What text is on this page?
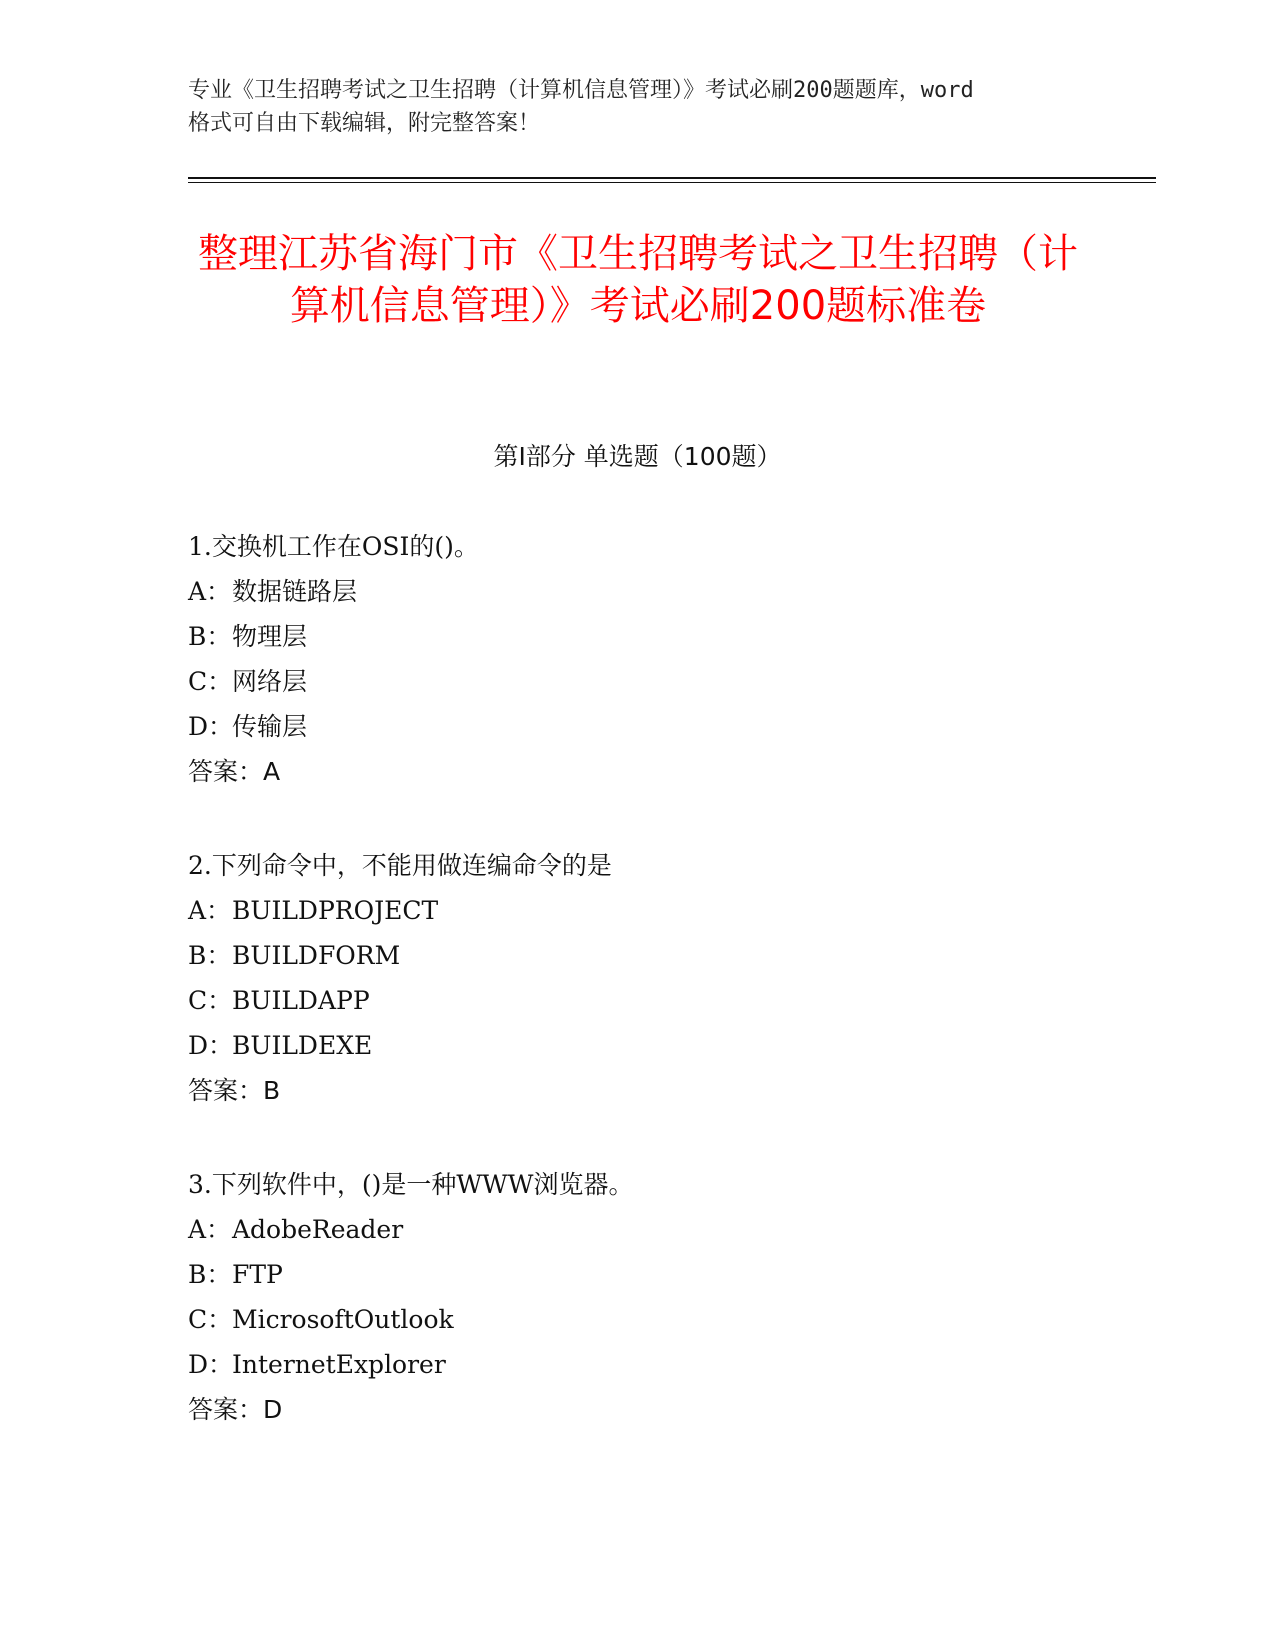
专业《卫生招聘考试之卫生招聘（计算机信息管理）》考试必刷200题题库，word
格式可自由下载编辑，附完整答案！
整理江苏省海门市《卫生招聘考试之卫生招聘（计算机信息管理）》考试必刷200题标准卷
第Ⅰ部分 单选题（100题）
1.交换机工作在OSI的()。
A：数据链路层
B：物理层
C：网络层
D：传输层
答案：A
2.下列命令中，不能用做连编命令的是
A：BUILDPROJECT
B：BUILDFORM
C：BUILDAPP
D：BUILDEXE
答案：B
3.下列软件中，()是一种WWW浏览器。
A：AdobeReader
B：FTP
C：MicrosoftOutlook
D：InternetExplorer
答案：D
